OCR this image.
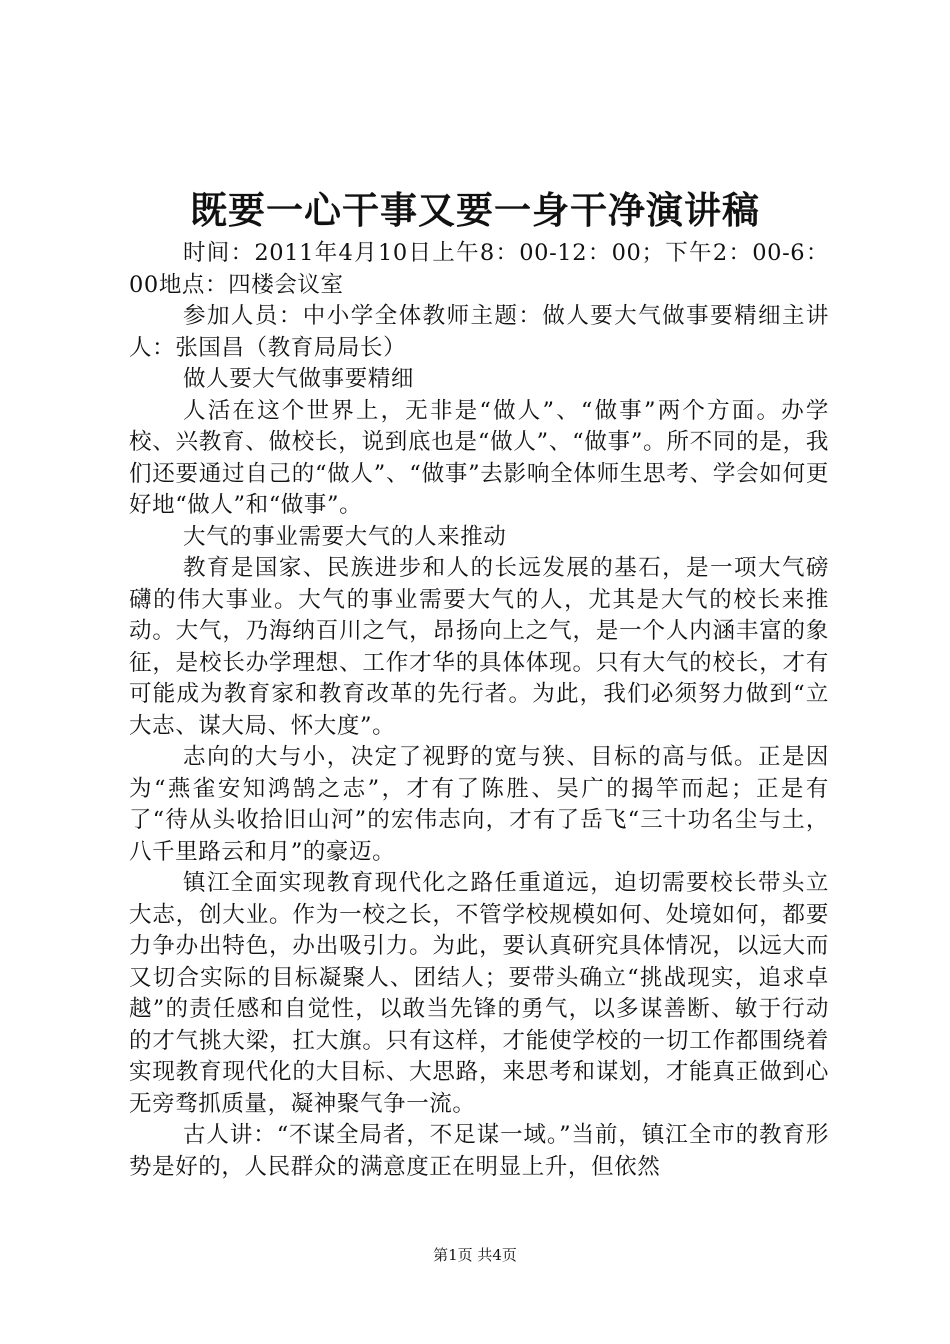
既要一心干事又要一身干净演讲稿

时间：2011年4月10日上午8：00-12：00；下午2：00-6：00地点：四楼会议室

参加人员：中小学全体教师主题：做人要大气做事要精细主讲人：张国昌（教育局局长）

做人要大气做事要精细

人活在这个世界上，无非是“做人”、“做事”两个方面。办学校、兴教育、做校长，说到底也是“做人”、“做事”。所不同的是，我们还要通过自己的“做人”、“做事”去影响全体师生思考、学会如何更好地“做人”和“做事”。

大气的事业需要大气的人来推动

教育是国家、民族进步和人的长远发展的基石，是一项大气磅礴的伟大事业。大气的事业需要大气的人，尤其是大气的校长来推动。大气，乃海纳百川之气，昂扬向上之气，是一个人内涵丰富的象征，是校长办学理想、工作才华的具体体现。只有大气的校长，才有可能成为教育家和教育改革的先行者。为此，我们必须努力做到“立大志、谋大局、怀大度”。

志向的大与小，决定了视野的宽与狭、目标的高与低。正是因为“燕雀安知鸿鹄之志”，才有了陈胜、吴广的揭竿而起；正是有了“待从头收拾旧山河”的宏伟志向，才有了岳飞“三十功名尘与土，八千里路云和月”的豪迈。

镇江全面实现教育现代化之路任重道远，迫切需要校长带头立大志，创大业。作为一校之长，不管学校规模如何、处境如何，都要力争办出特色，办出吸引力。为此，要认真研究具体情况，以远大而又切合实际的目标凝聚人、团结人；要带头确立“挑战现实，追求卓越”的责任感和自觉性，以敢当先锋的勇气，以多谋善断、敏于行动的才气挑大梁，扛大旗。只有这样，才能使学校的一切工作都围绕着实现教育现代化的大目标、大思路，来思考和谋划，才能真正做到心无旁骛抓质量，凝神聚气争一流。

古人讲：“不谋全局者，不足谋一域。”当前，镇江全市的教育形势是好的，人民群众的满意度正在明显上升，但依然

第1页 共4页
